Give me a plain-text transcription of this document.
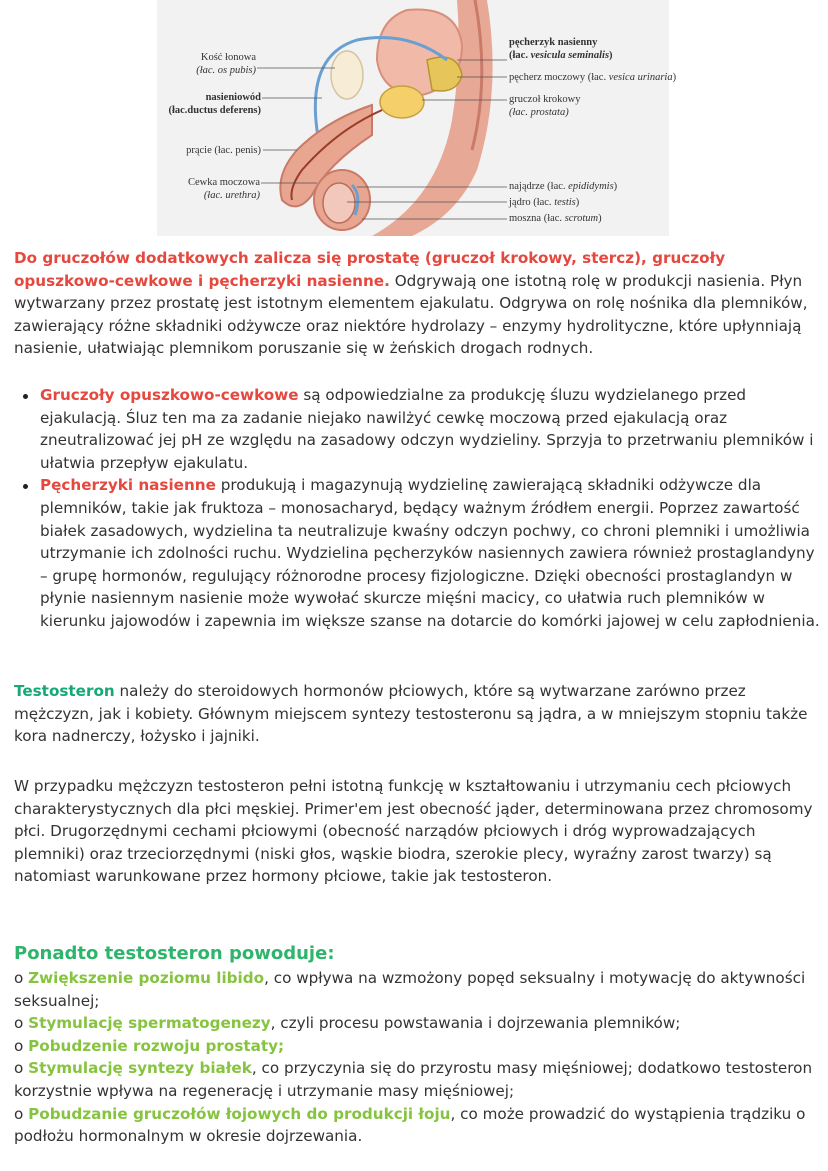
Kość łonowa
(łac. os pubis)
nasieniowód
(łac.ductus deferens)
prącie (łac. penis)
Cewka moczowa
(łac. urethra)
pęcherzyk nasienny
(łac. vesicula seminalis)
pęcherz moczowy (łac. vesica urinaria)
gruczoł krokowy
(łac. prostata)
najądrze (łac. epididymis)
jądro (łac. testis)
moszna (łac. scrotum)

Do gruczołów dodatkowych zalicza się prostatę (gruczoł krokowy, stercz), gruczoły opuszkowo-cewkowe i pęcherzyki nasienne. Odgrywają one istotną rolę w produkcji nasienia. Płyn wytwarzany przez prostatę jest istotnym elementem ejakulatu. Odgrywa on rolę nośnika dla plemników, zawierający różne składniki odżywcze oraz niektóre hydrolazy – enzymy hydrolityczne, które upłynniają nasienie, ułatwiając plemnikom poruszanie się w żeńskich drogach rodnych.

Gruczoły opuszkowo-cewkowe są odpowiedzialne za produkcję śluzu wydzielanego przed ejakulacją. Śluz ten ma za zadanie niejako nawilżyć cewkę moczową przed ejakulacją oraz zneutralizować jej pH ze względu na zasadowy odczyn wydzieliny. Sprzyja to przetrwaniu plemników i ułatwia przepływ ejakulatu.
Pęcherzyki nasienne produkują i magazynują wydzielinę zawierającą składniki odżywcze dla plemników, takie jak fruktoza – monosacharyd, będący ważnym źródłem energii. Poprzez zawartość białek zasadowych, wydzielina ta neutralizuje kwaśny odczyn pochwy, co chroni plemniki i umożliwia utrzymanie ich zdolności ruchu. Wydzielina pęcherzyków nasiennych zawiera również prostaglandyny – grupę hormonów, regulujący różnorodne procesy fizjologiczne. Dzięki obecności prostaglandyn w płynie nasiennym nasienie może wywołać skurcze mięśni macicy, co ułatwia ruch plemników w kierunku jajowodów i zapewnia im większe szanse na dotarcie do komórki jajowej w celu zapłodnienia.

Testosteron należy do steroidowych hormonów płciowych, które są wytwarzane zarówno przez mężczyzn, jak i kobiety. Głównym miejscem syntezy testosteronu są jądra, a w mniejszym stopniu także kora nadnerczy, łożysko i jajniki.

W przypadku mężczyzn testosteron pełni istotną funkcję w kształtowaniu i utrzymaniu cech płciowych charakterystycznych dla płci męskiej. Primer'em jest obecność jąder, determinowana przez chromosomy płci. Drugorzędnymi cechami płciowymi (obecność narządów płciowych i dróg wyprowadzających plemniki) oraz trzeciorzędnymi (niski głos, wąskie biodra, szerokie plecy, wyraźny zarost twarzy) są natomiast warunkowane przez hormony płciowe, takie jak testosteron.

Ponadto testosteron powoduje:
o Zwiększenie poziomu libido, co wpływa na wzmożony popęd seksualny i motywację do aktywności seksualnej;
o Stymulację spermatogenezy, czyli procesu powstawania i dojrzewania plemników;
o Pobudzenie rozwoju prostaty;
o Stymulację syntezy białek, co przyczynia się do przyrostu masy mięśniowej; dodatkowo testosteron korzystnie wpływa na regenerację i utrzymanie masy mięśniowej;
o Pobudzanie gruczołów łojowych do produkcji łoju, co może prowadzić do wystąpienia trądziku o podłożu hormonalnym w okresie dojrzewania.
